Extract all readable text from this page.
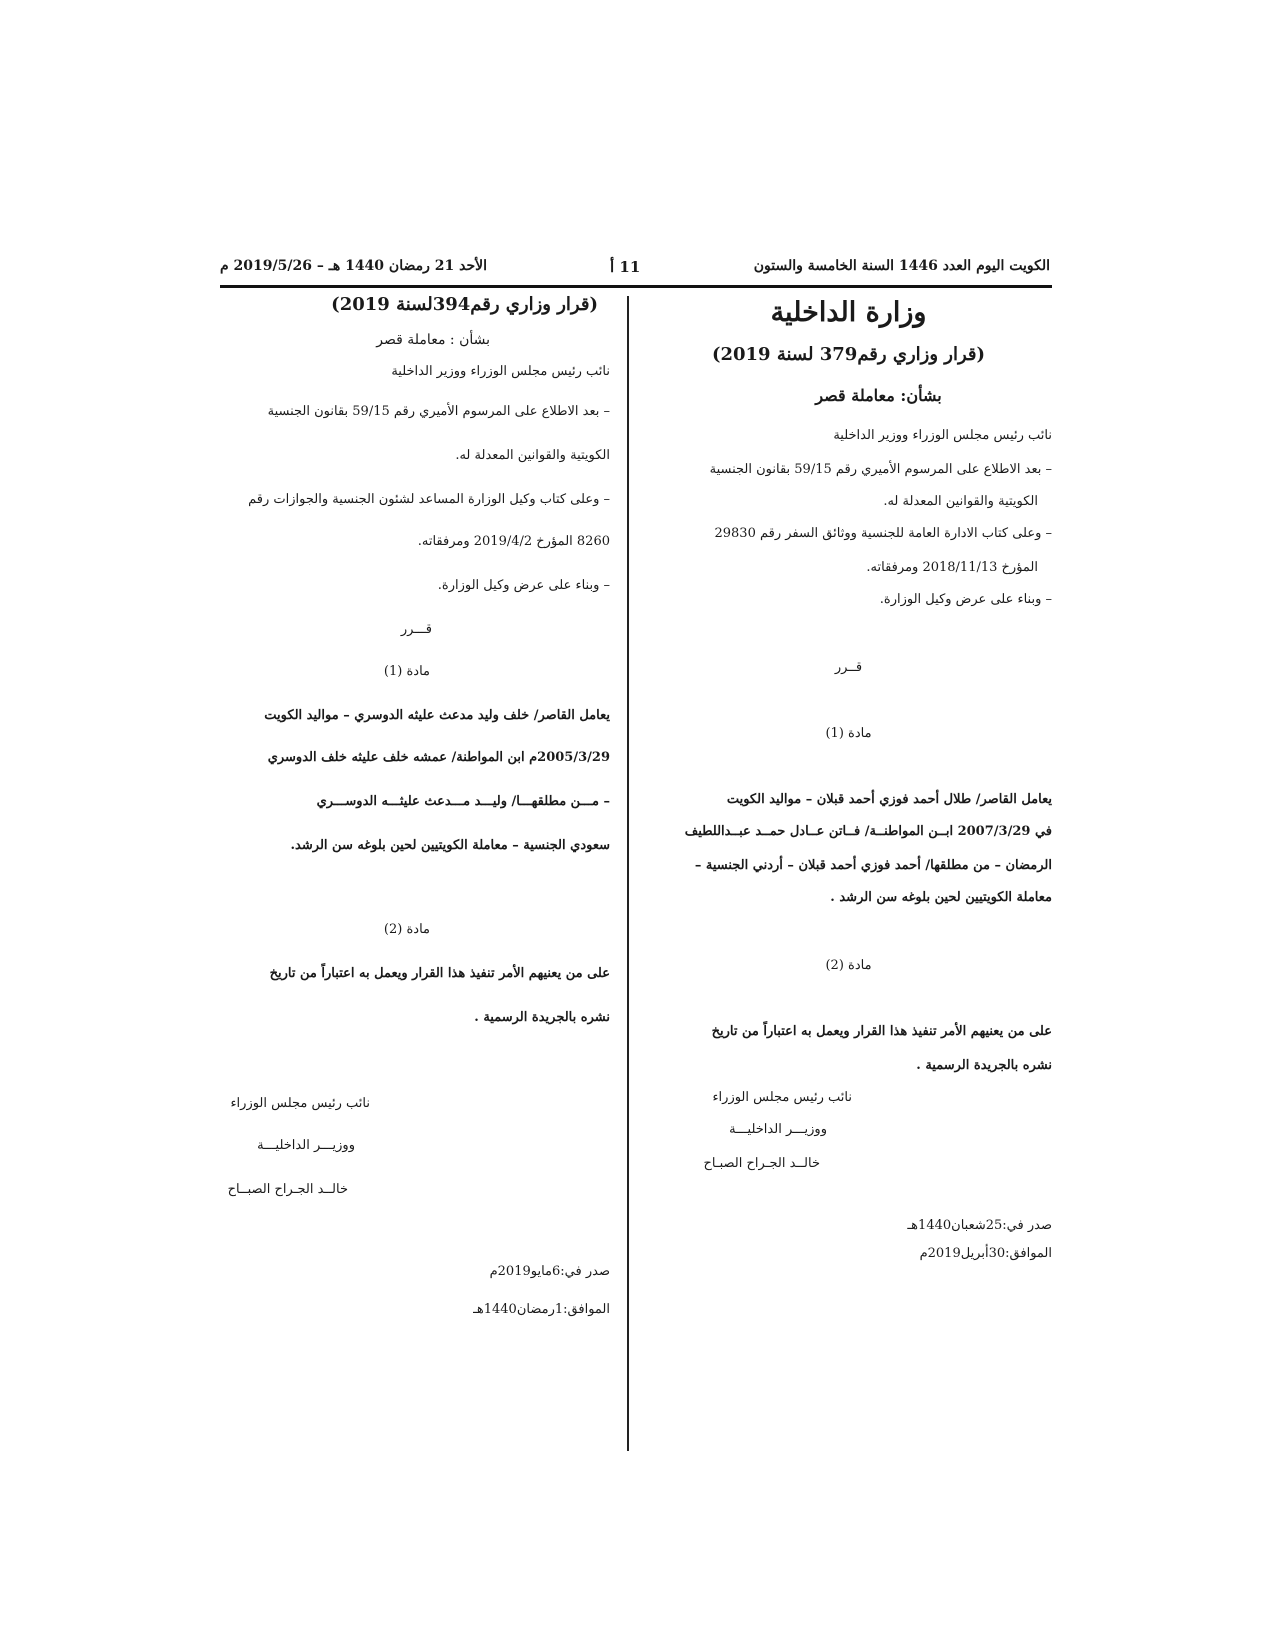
الكويت اليوم العدد 1446 السنة الخامسة والستون
11 أ
الأحد 21 رمضان 1440 هـ – 2019/5/26 م
وزارة الداخلية
(قرار وزاري رقم379 لسنة 2019)
بشأن: معاملة قصر
نائب رئيس مجلس الوزراء ووزير الداخلية
– بعد الاطلاع على المرسوم الأميري رقم 59/15 بقانون الجنسية
الكويتية والقوانين المعدلة له.
– وعلى كتاب الادارة العامة للجنسية ووثائق السفر رقم 29830
المؤرخ 2018/11/13 ومرفقاته.
– وبناء على عرض وكيل الوزارة.
قــرر
مادة (1)
يعامل القاصر/ طلال أحمد فوزي أحمد قبلان – مواليد الكويت
في 2007/3/29 ابــن المواطنــة/ فــاتن عــادل حمــد عبــداللطيف
الرمضان – من مطلقها/ أحمد فوزي أحمد قبلان – أردني الجنسية –
معاملة الكويتيين لحين بلوغه سن الرشد .
مادة (2)
على من يعنيهم الأمر تنفيذ هذا القرار ويعمل به اعتباراً من تاريخ
نشره بالجريدة الرسمية .
نائب رئيس مجلس الوزراء
ووزيـــر الداخليـــة
خالــد الجـراح الصبـاح
صدر في:25شعبان1440هـ
الموافق:30أبريل2019م
(قرار وزاري رقم394لسنة 2019)
بشأن : معاملة قصر
نائب رئيس مجلس الوزراء ووزير الداخلية
– بعد الاطلاع على المرسوم الأميري رقم 59/15 بقانون الجنسية
الكويتية والقوانين المعدلة له.
– وعلى كتاب وكيل الوزارة المساعد لشئون الجنسية والجوازات رقم
8260 المؤرخ 2019/4/2 ومرفقاته.
– وبناء على عرض وكيل الوزارة.
قـــرر
مادة (1)
يعامل القاصر/ خلف وليد مدعث عليثه الدوسري – مواليد الكويت
2005/3/29م ابن المواطنة/ عمشه خلف عليثه خلف الدوسري
– مـــن مطلقهـــا/ وليـــد مـــدعث عليثـــه الدوســـري
سعودي الجنسية – معاملة الكويتيين لحين بلوغه سن الرشد.
مادة (2)
على من يعنيهم الأمر تنفيذ هذا القرار ويعمل به اعتباراً من تاريخ
نشره بالجريدة الرسمية .
نائب رئيس مجلس الوزراء
ووزيـــر الداخليـــة
خالــد الجـراح الصبــاح
صدر في:6مايو2019م
الموافق:1رمضان1440هـ
